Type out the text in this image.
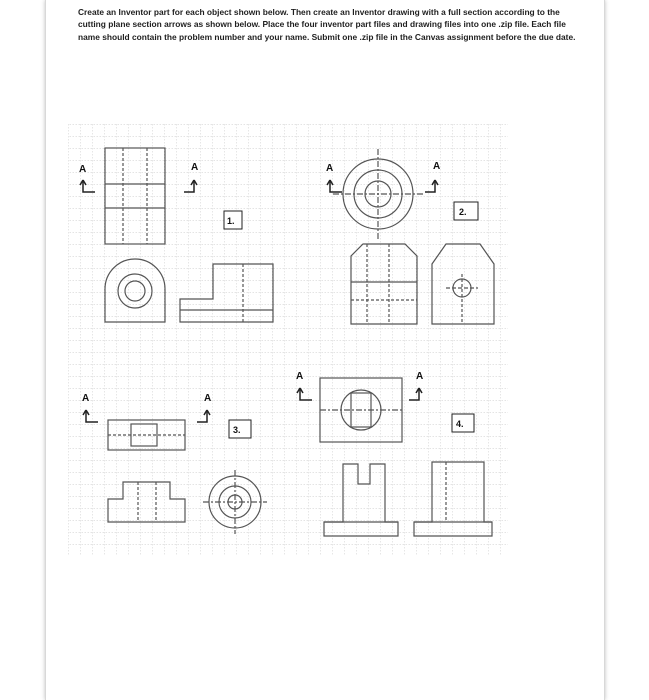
Create an Inventor part for each object shown below. Then create an Inventor drawing with a full section according to the cutting plane section arrows as shown below. Place the four inventor part files and drawing files into one .zip file. Each file name should contain the problem number and your name. Submit one .zip file in the Canvas assignment before the due date.

A	A	A	A
A	A
A	A
1.
2.
3.
4.
